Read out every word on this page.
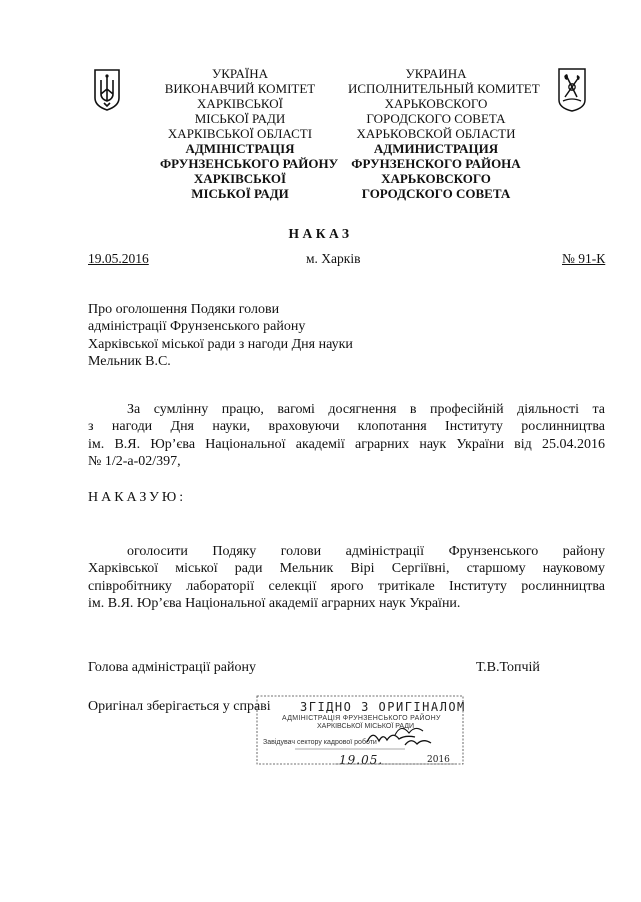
УКРАЇНА
ВИКОНАВЧИЙ КОМІТЕТ
ХАРКІВСЬКОЇ
МІСЬКОЇ РАДИ
ХАРКІВСЬКОЇ ОБЛАСТІ
АДМІНІСТРАЦІЯ
ФРУНЗЕНСЬКОГО РАЙОНУ
ХАРКІВСЬКОЇ
МІСЬКОЇ РАДИ
УКРАИНА
ИСПОЛНИТЕЛЬНЫЙ КОМИТЕТ
ХАРЬКОВСКОГО
ГОРОДСКОГО СОВЕТА
ХАРЬКОВСКОЙ ОБЛАСТИ
АДМИНИСТРАЦИЯ
ФРУНЗЕНСКОГО РАЙОНА
ХАРЬКОВСКОГО
ГОРОДСКОГО СОВЕТА
НАКАЗ
19.05.2016	м. Харків	№ 91-К
Про оголошення Подяки голови
адміністрації Фрунзенського району
Харківської міської ради з нагоди Дня науки
Мельник В.С.
За сумлінну працю, вагомі досягнення в професійній діяльності та
з нагоди Дня науки, враховуючи клопотання Інституту рослинництва
ім. В.Я. Юр’єва Національної академії аграрних наук України від 25.04.2016
№ 1/2-а-02/397,
НАКАЗУЮ:
оголосити Подяку голови адміністрації Фрунзенського району
Харківської міської ради Мельник Вірі Сергіївні, старшому науковому
співробітнику лабораторії селекції ярого тритікале Інституту рослинництва
ім. В.Я. Юр’єва Національної академії аграрних наук України.
Голова адміністрації району	Т.В.Топчій
Оригінал зберігається у справі ЗГІДНО З ОРИГІНАЛОМ
АДМІНІСТРАЦІЯ ФРУНЗЕНСЬКОГО РАЙОНУ
ХАРКІВСЬКОЇ МІСЬКОЇ РАДИ
Завідувач сектору кадрової роботи
19.05.	2016
